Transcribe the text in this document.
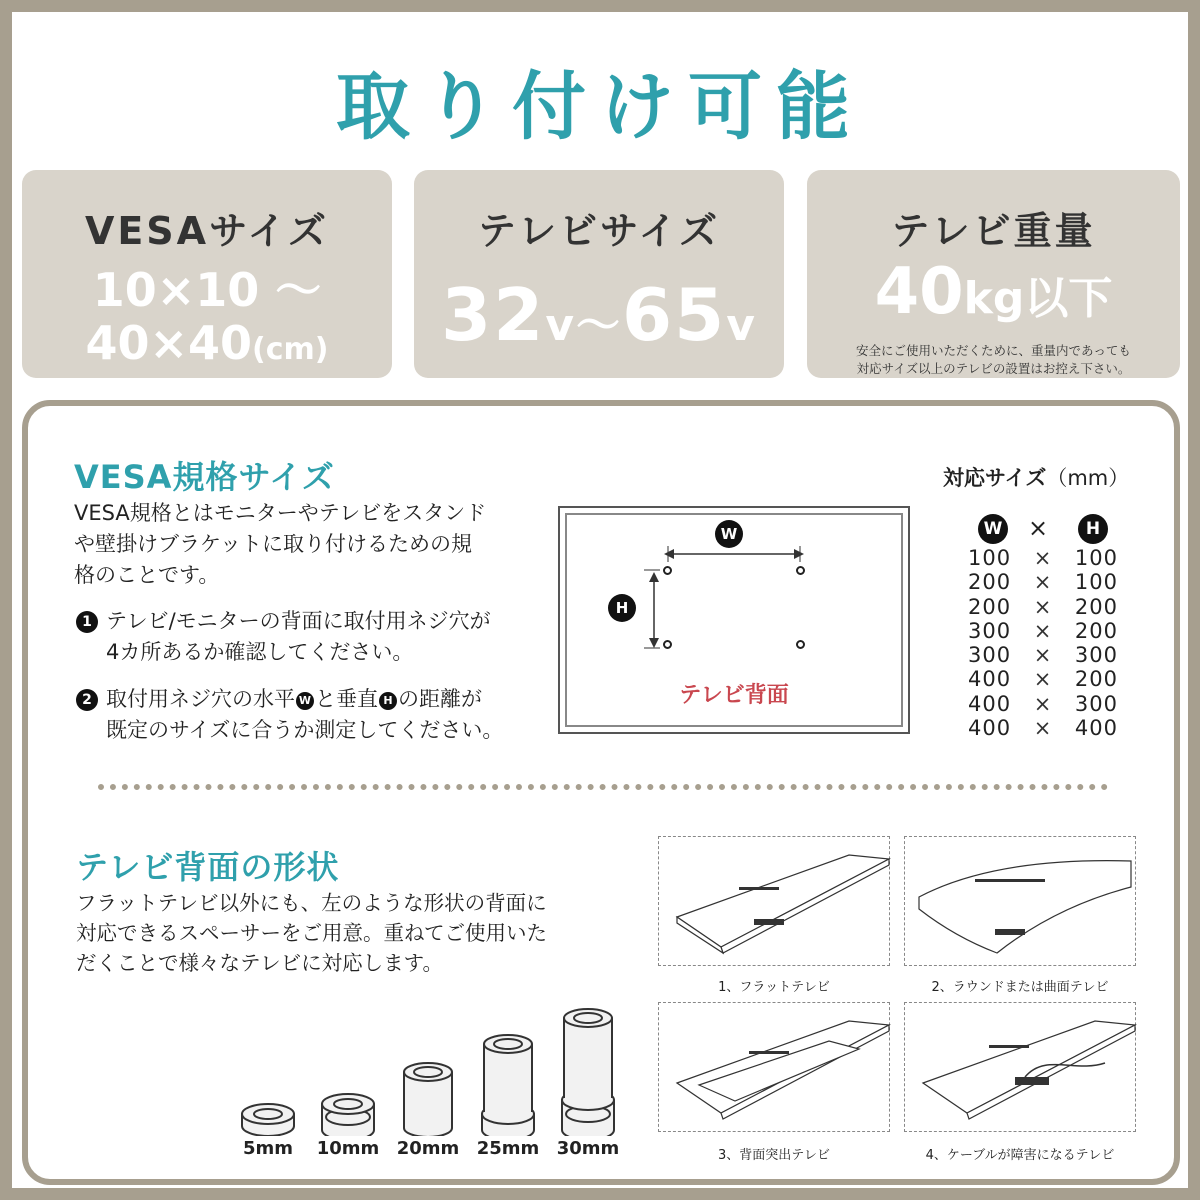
取り付け可能
VESAサイズ
10×10 〜
40×40(cm)
テレビサイズ
32v〜65v
テレビ重量
40kg以下
安全にご使用いただくために、重量内であっても
対応サイズ以上のテレビの設置はお控え下さい。
VESA規格サイズ
VESA規格とはモニターやテレビをスタンド
や壁掛けブラケットに取り付けるための規
格のことです。
1 テレビ/モニターの背面に取付用ネジ穴が
4カ所あるか確認してください。
2 取付用ネジ穴の水平 W と垂直 H の距離が
既定のサイズに合うか測定してください。
W
H
テレビ背面
対応サイズ（mm）
W ×	H
100 × 100
200 × 100
200 × 200
300 × 200
300 × 300
400 × 200
400 × 300
400 × 400
テレビ背面の形状
フラットテレビ以外にも、左のような形状の背面に
対応できるスペーサーをご用意。重ねてご使用いた
だくことで様々なテレビに対応します。
5mm	10mm 20mm 25mm 30mm
1、フラットテレビ	2、ラウンドまたは曲面テレビ
3、背面突出テレビ	4、ケーブルが障害になるテレビ
